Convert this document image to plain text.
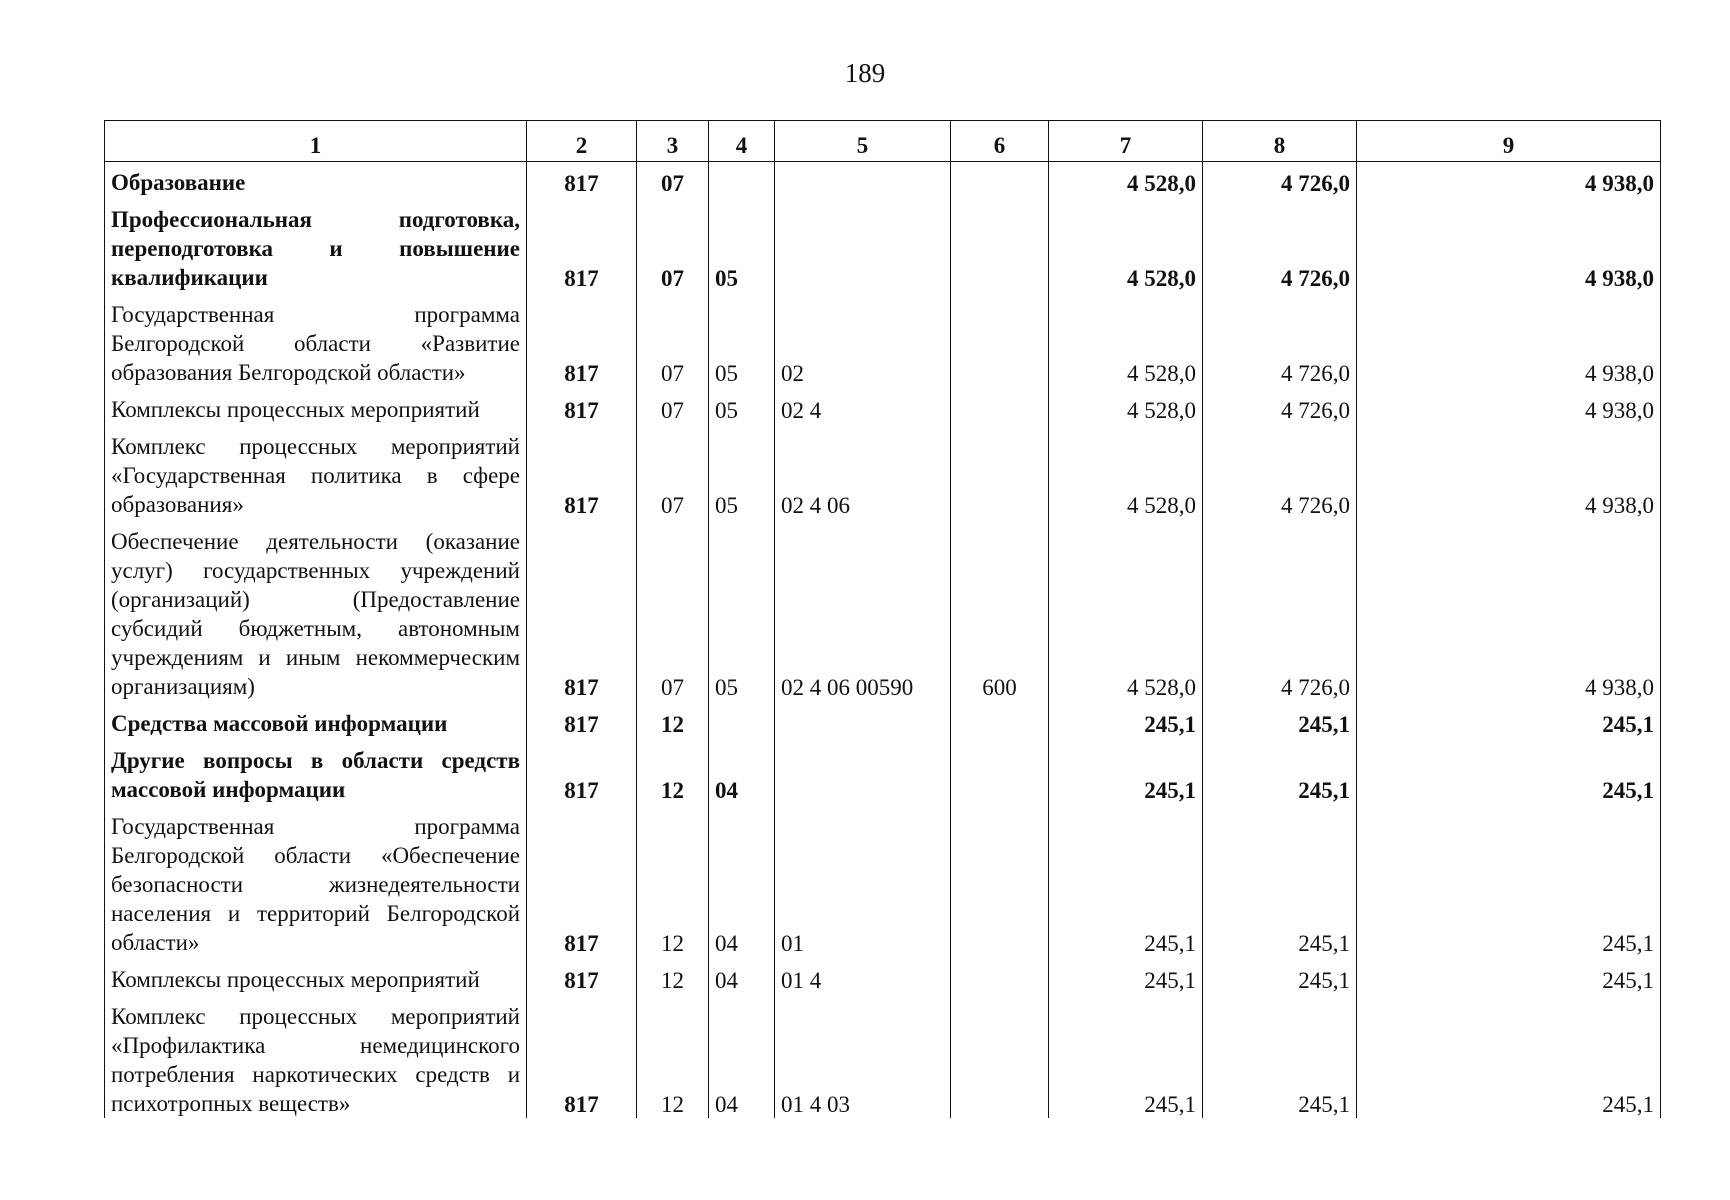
189
1	2	3	4	5	6	7	8	9
Образование	817	07				4 528,0	4 726,0	4 938,0
Профессиональная подготовка, переподготовка и повышение квалификации	817	07	05			4 528,0	4 726,0	4 938,0
Государственная программа Белгородской области «Развитие образования Белгородской области»	817	07	05	02		4 528,0	4 726,0	4 938,0
Комплексы процессных мероприятий	817	07	05	02 4		4 528,0	4 726,0	4 938,0
Комплекс процессных мероприятий «Государственная политика в сфере образования»	817	07	05	02 4 06		4 528,0	4 726,0	4 938,0
Обеспечение деятельности (оказание услуг) государственных учреждений (организаций) (Предоставление субсидий бюджетным, автономным учреждениям и иным некоммерческим организациям)	817	07	05	02 4 06 00590	600	4 528,0	4 726,0	4 938,0
Средства массовой информации	817	12				245,1	245,1	245,1
Другие вопросы в области средств массовой информации	817	12	04			245,1	245,1	245,1
Государственная программа Белгородской области «Обеспечение безопасности жизнедеятельности населения и территорий Белгородской области»	817	12	04	01		245,1	245,1	245,1
Комплексы процессных мероприятий	817	12	04	01 4		245,1	245,1	245,1
Комплекс процессных мероприятий «Профилактика немедицинского потребления наркотических средств и психотропных веществ»	817	12	04	01 4 03		245,1	245,1	245,1
